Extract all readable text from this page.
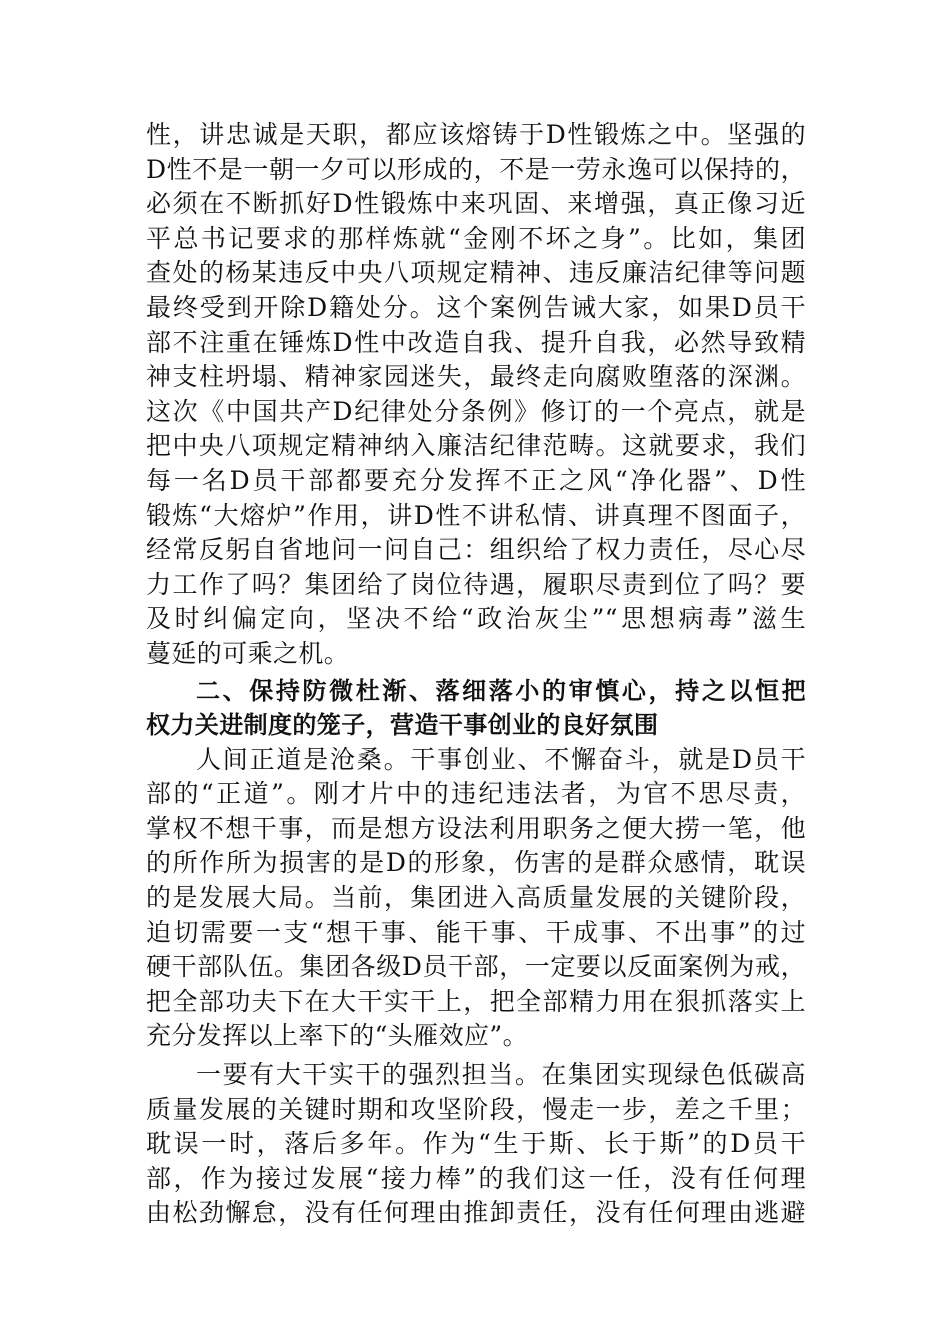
性，讲忠诚是天职，都应该熔铸于D性锻炼之中。坚强的
D性不是一朝一夕可以形成的，不是一劳永逸可以保持的，
必须在不断抓好D性锻炼中来巩固、来增强，真正像习近
平总书记要求的那样炼就“金刚不坏之身”。比如，集团
查处的杨某违反中央八项规定精神、违反廉洁纪律等问题
最终受到开除D籍处分。这个案例告诫大家，如果D员干
部不注重在锤炼D性中改造自我、提升自我，必然导致精
神支柱坍塌、精神家园迷失，最终走向腐败堕落的深渊。
这次《中国共产D纪律处分条例》修订的一个亮点，就是
把中央八项规定精神纳入廉洁纪律范畴。这就要求，我们
每一名D员干部都要充分发挥不正之风“净化器”、D性
锻炼“大熔炉”作用，讲D性不讲私情、讲真理不图面子，
经常反躬自省地问一问自己：组织给了权力责任，尽心尽
力工作了吗？集团给了岗位待遇，履职尽责到位了吗？要
及时纠偏定向，坚决不给“政治灰尘”“思想病毒”滋生
蔓延的可乘之机。
二、保持防微杜渐、落细落小的审慎心，持之以恒把
权力关进制度的笼子，营造干事创业的良好氛围
人间正道是沧桑。干事创业、不懈奋斗，就是D员干
部的“正道”。刚才片中的违纪违法者，为官不思尽责，
掌权不想干事，而是想方设法利用职务之便大捞一笔，他
的所作所为损害的是D的形象，伤害的是群众感情，耽误
的是发展大局。当前，集团进入高质量发展的关键阶段，
迫切需要一支“想干事、能干事、干成事、不出事”的过
硬干部队伍。集团各级D员干部，一定要以反面案例为戒，
把全部功夫下在大干实干上，把全部精力用在狠抓落实上
充分发挥以上率下的“头雁效应”。
一要有大干实干的强烈担当。在集团实现绿色低碳高
质量发展的关键时期和攻坚阶段，慢走一步，差之千里；
耽误一时，落后多年。作为“生于斯、长于斯”的D员干
部，作为接过发展“接力棒”的我们这一任，没有任何理
由松劲懈怠，没有任何理由推卸责任，没有任何理由逃避
